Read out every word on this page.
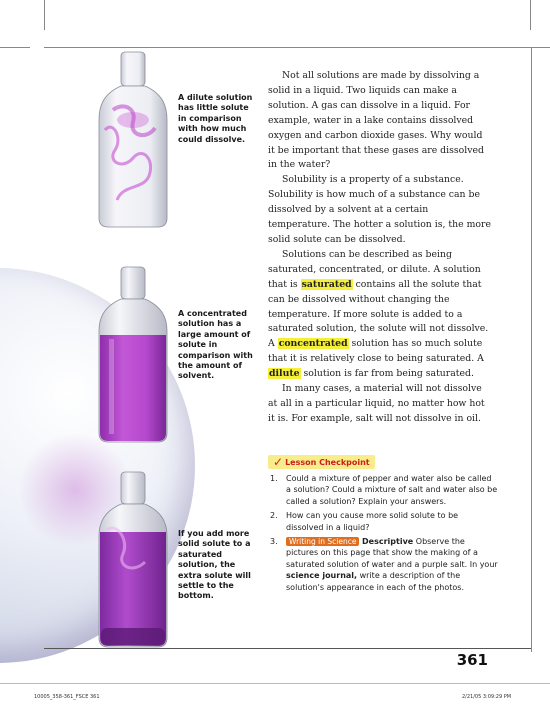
A dilute solution has little solute in comparison with how much could dissolve.
A concentrated solution has a large amount of solute in comparison with the amount of solvent.
If you add more solid solute to a saturated solution, the extra solute will settle to the bottom.

Not all solutions are made by dissolving a solid in a liquid. Two liquids can make a solution. A gas can dissolve in a liquid. For example, water in a lake contains dissolved oxygen and carbon dioxide gases. Why would it be important that these gases are dissolved in the water?

Solubility is a property of a substance. Solubility is how much of a substance can be dissolved by a solvent at a certain temperature. The hotter a solution is, the more solid solute can be dissolved.

Solutions can be described as being saturated, concentrated, or dilute. A solution that is saturated contains all the solute that can be dissolved without changing the temperature. If more solute is added to a saturated solution, the solute will not dissolve. A concentrated solution has so much solute that it is relatively close to being saturated. A dilute solution is far from being saturated.

In many cases, a material will not dissolve at all in a particular liquid, no matter how hot it is. For example, salt will not dissolve in oil.

✓ Lesson Checkpoint
1. Could a mixture of pepper and water also be called a solution? Could a mixture of salt and water also be called a solution? Explain your answers.
2. How can you cause more solid solute to be dissolved in a liquid?
3. Writing in Science Descriptive Observe the pictures on this page that show the making of a saturated solution of water and a purple salt. In your science journal, write a description of the solution's appearance in each of the photos.
361
10005_358-361_FSCE 361	2/21/05 3:09:29 PM
